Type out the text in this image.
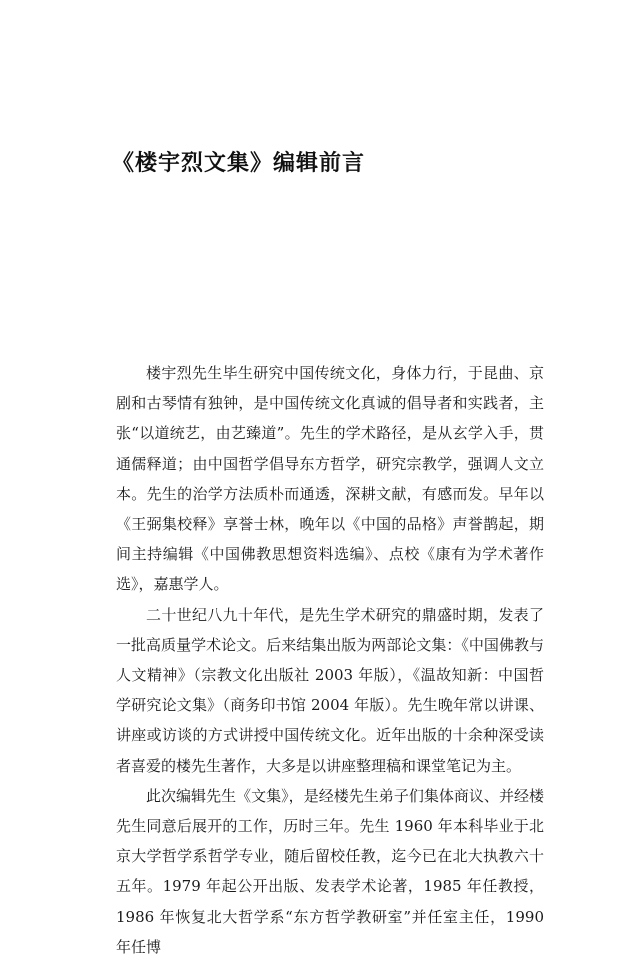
《楼宇烈文集》编辑前言

楼宇烈先生毕生研究中国传统文化，身体力行，于昆曲、京剧和古琴情有独钟，是中国传统文化真诚的倡导者和实践者，主张“以道统艺，由艺臻道”。先生的学术路径，是从玄学入手，贯通儒释道；由中国哲学倡导东方哲学，研究宗教学，强调人文立本。先生的治学方法质朴而通透，深耕文献，有感而发。早年以《王弼集校释》享誉士林，晚年以《中国的品格》声誉鹊起，期间主持编辑《中国佛教思想资料选编》、点校《康有为学术著作选》，嘉惠学人。

二十世纪八九十年代，是先生学术研究的鼎盛时期，发表了一批高质量学术论文。后来结集出版为两部论文集：《中国佛教与人文精神》（宗教文化出版社 2003 年版），《温故知新：中国哲学研究论文集》（商务印书馆 2004 年版）。先生晚年常以讲课、讲座或访谈的方式讲授中国传统文化。近年出版的十余种深受读者喜爱的楼先生著作，大多是以讲座整理稿和课堂笔记为主。

此次编辑先生《文集》，是经楼先生弟子们集体商议、并经楼先生同意后展开的工作，历时三年。先生 1960 年本科毕业于北京大学哲学系哲学专业，随后留校任教，迄今已在北大执教六十五年。1979 年起公开出版、发表学术论著，1985 年任教授，1986 年恢复北大哲学系“东方哲学教研室”并任室主任，1990 年任博
